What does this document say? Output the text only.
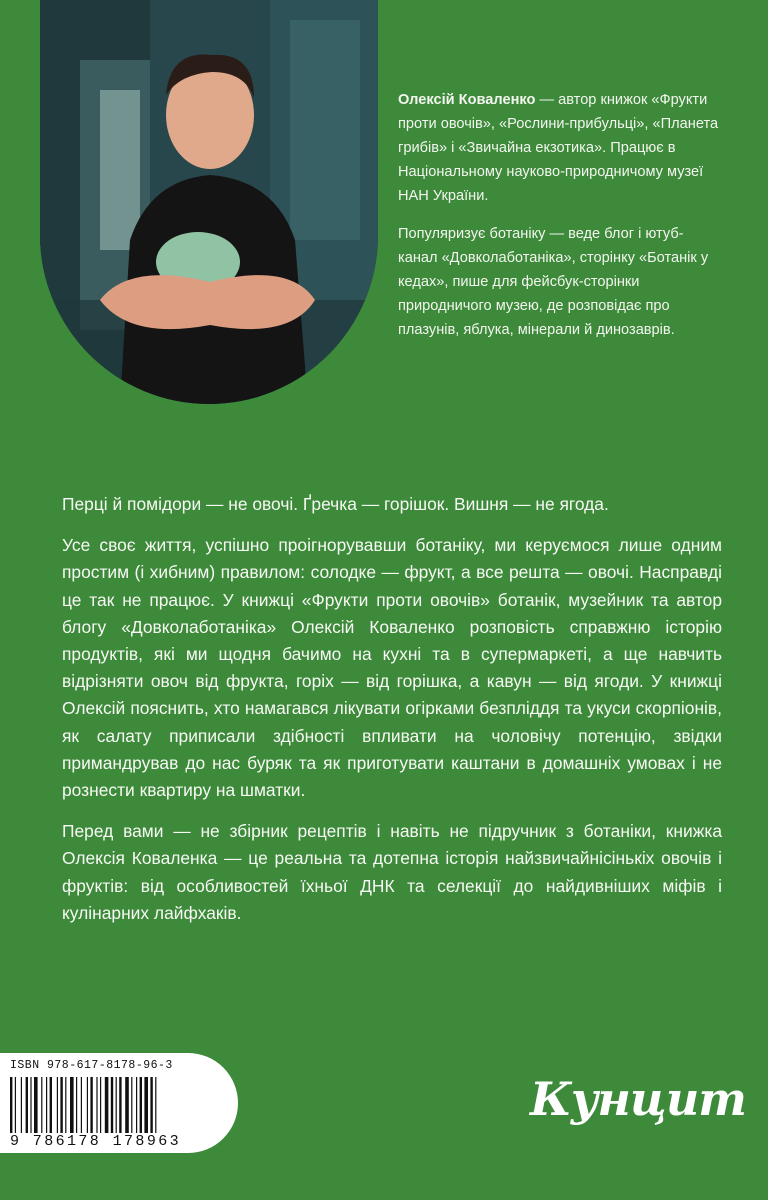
Олексій Коваленко — автор книжок «Фрукти проти овочів», «Рослини-прибульці», «Планета грибів» і «Звичайна екзотика». Працює в Національному науково-природничому музеї НАН України.

Популяризує ботаніку — веде блог і ютуб-канал «Довколаботаніка», сторінку «Ботанік у кедах», пише для фейсбук-сторінки природничого музею, де розповідає про плазунів, яблука, мінерали й динозаврів.

Перці й помідори — не овочі. Ґречка — горішок. Вишня — не ягода.

Усе своє життя, успішно проігнорувавши ботаніку, ми керуємося лише одним простим (і хибним) правилом: солодке — фрукт, а все решта — овочі. Насправді це так не працює. У книжці «Фрукти проти овочів» ботанік, музейник та автор блогу «Довколаботаніка» Олексій Коваленко розповість справжню історію продуктів, які ми щодня бачимо на кухні та в супермаркеті, а ще навчить відрізняти овоч від фрукта, горіх — від горішка, а кавун — від ягоди. У книжці Олексій пояснить, хто намагався лікувати огірками безпліддя та укуси скорпіонів, як салату приписали здібності впливати на чоловічу потенцію, звідки примандрував до нас буряк та як приготувати каштани в домашніх умовах і не рознести квартиру на шматки.

Перед вами — не збірник рецептів і навіть не підручник з ботаніки, книжка Олексія Коваленка — це реальна та дотепна історія найзвичайнісінькіх овочів і фруктів: від особливостей їхньої ДНК та селекції до найдивніших міфів і кулінарних лайфхаків.

ISBN 978-617-8178-96-3
9 786178 178963
Кунцит
